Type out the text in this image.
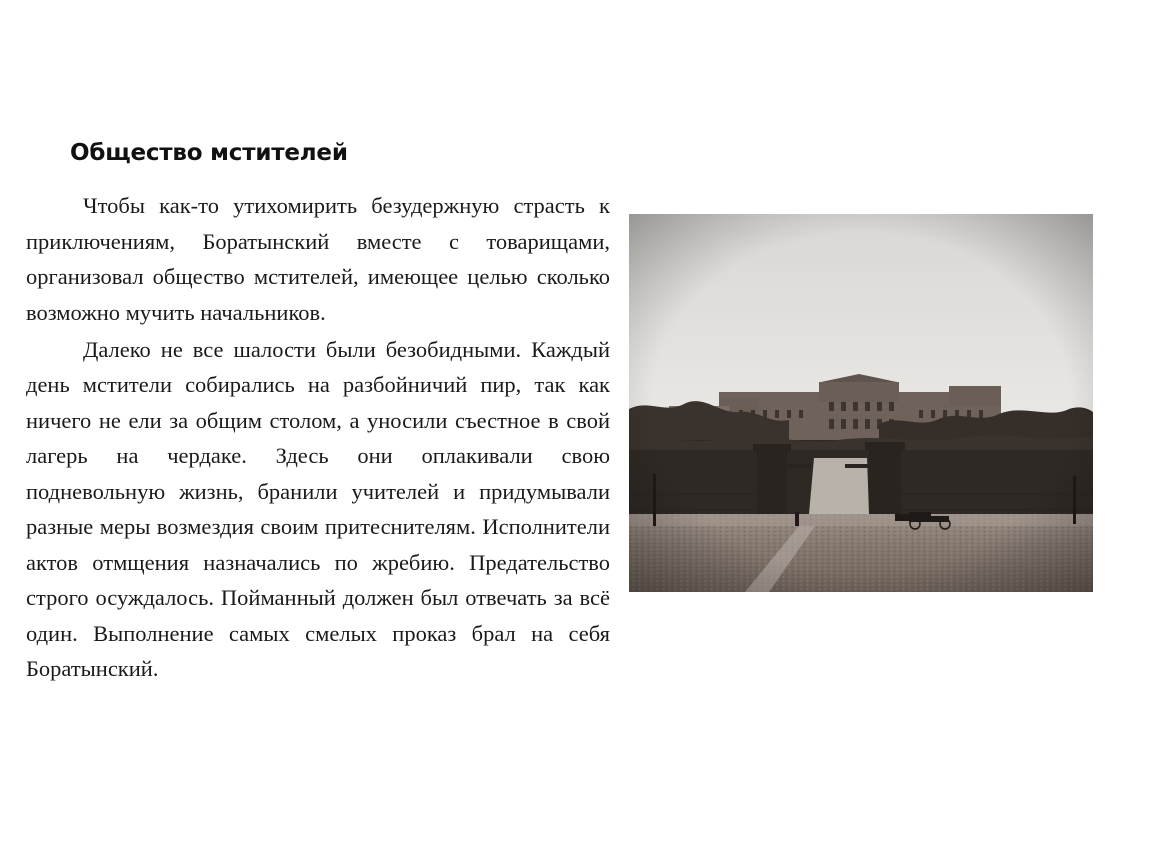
Общество мстителей

Чтобы как-то утихомирить безудержную страсть к приключениям, Боратынский вместе с товарищами, организовал общество мстителей, имеющее целью сколько возможно мучить начальников.

Далеко не все шалости были безобидными. Каждый день мстители собирались на разбойничий пир, так как ничего не ели за общим столом, а уносили съестное в свой лагерь на чердаке. Здесь они оплакивали свою подневольную жизнь, бранили учителей и придумывали разные меры возмездия своим притеснителям. Исполнители актов отмщения назначались по жребию. Предательство строго осуждалось. Пойманный должен был отвечать за всё один. Выполнение самых смелых проказ брал на себя Боратынский.
